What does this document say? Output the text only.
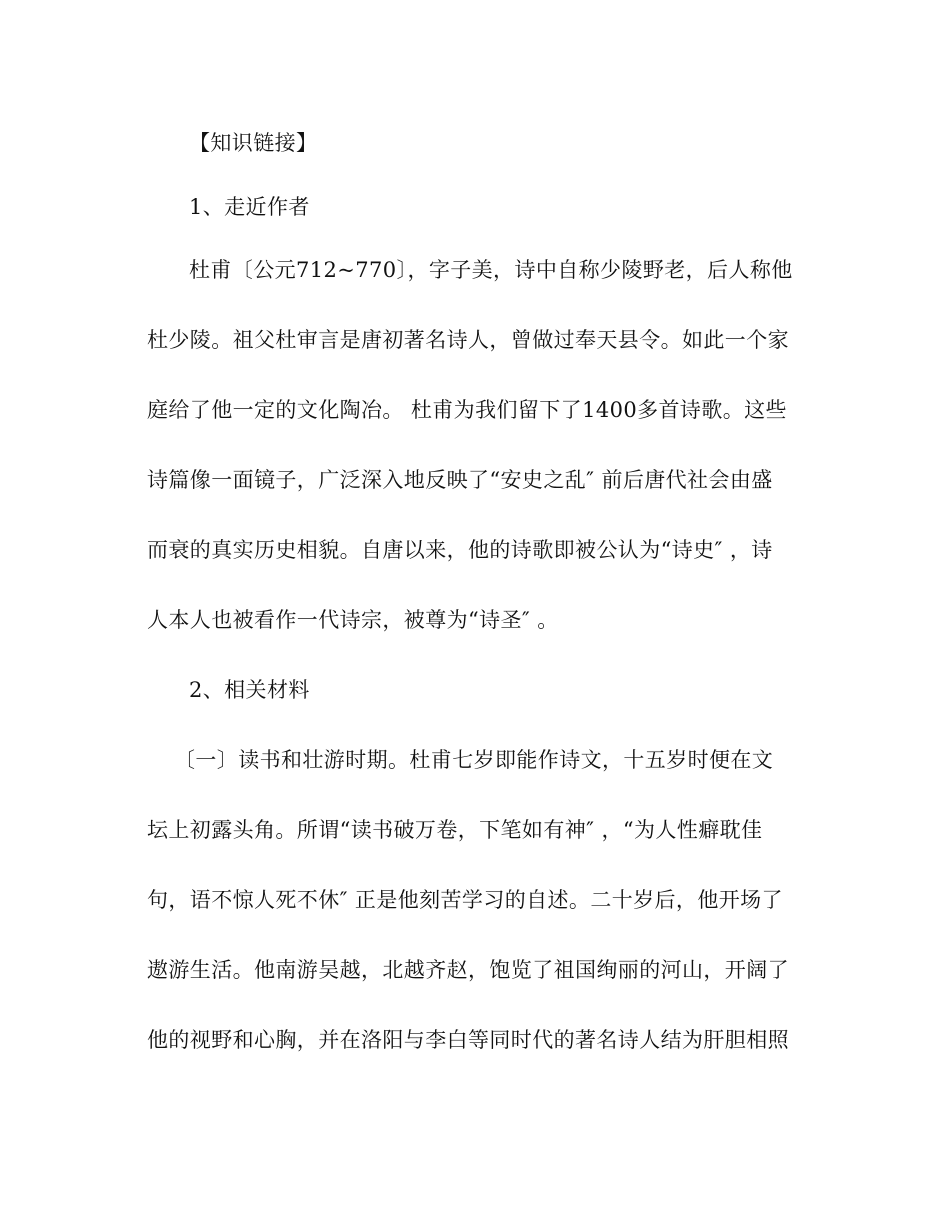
【知识链接】
1、走近作者
杜甫〔公元712~770〕，字子美，诗中自称少陵野老，后人称他
杜少陵。祖父杜审言是唐初著名诗人，曾做过奉天县令。如此一个家
庭给了他一定的文化陶冶。 杜甫为我们留下了1400多首诗歌。这些
诗篇像一面镜子，广泛深入地反映了“安史之乱″ 前后唐代社会由盛
而衰的真实历史相貌。自唐以来，他的诗歌即被公认为“诗史″ ，诗
人本人也被看作一代诗宗，被尊为“诗圣″ 。
2、相关材料
〔一〕读书和壮游时期。杜甫七岁即能作诗文，十五岁时便在文
坛上初露头角。所谓“读书破万卷，下笔如有神″ ，“为人性癖耽佳
句，语不惊人死不休″ 正是他刻苦学习的自述。二十岁后，他开场了
遨游生活。他南游吴越，北越齐赵，饱览了祖国绚丽的河山，开阔了
他的视野和心胸，并在洛阳与李白等同时代的著名诗人结为肝胆相照
